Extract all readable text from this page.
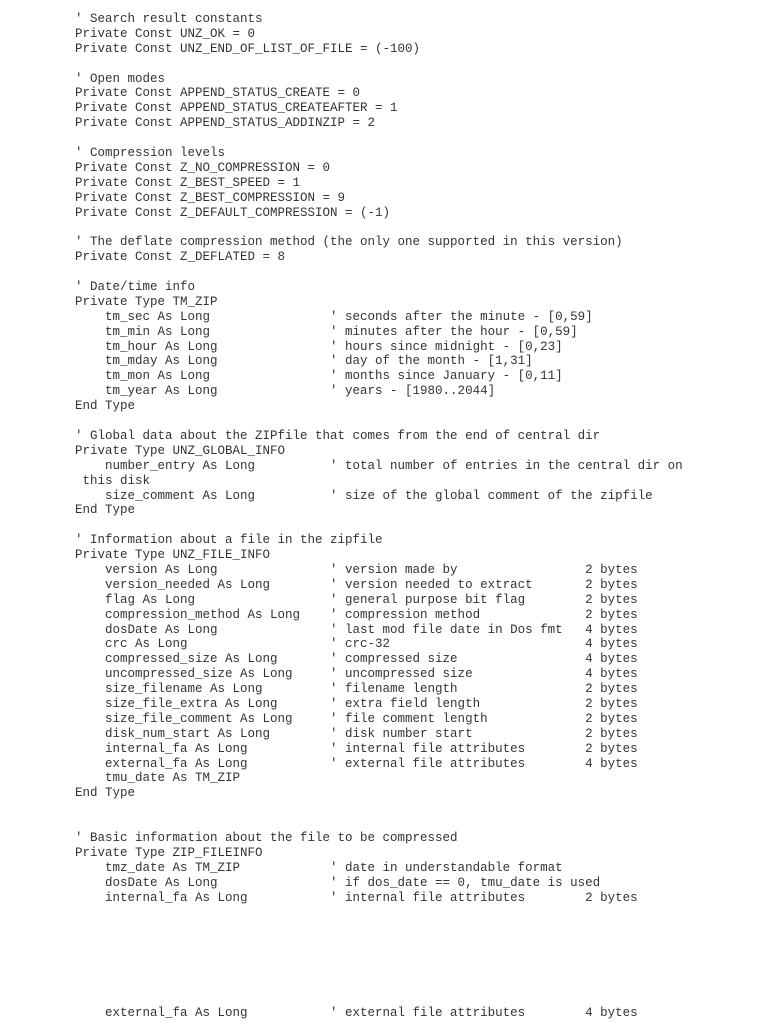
' Search result constants
Private Const UNZ_OK = 0
Private Const UNZ_END_OF_LIST_OF_FILE = (-100)
' Open modes
Private Const APPEND_STATUS_CREATE = 0
Private Const APPEND_STATUS_CREATEAFTER = 1
Private Const APPEND_STATUS_ADDINZIP = 2
' Compression levels
Private Const Z_NO_COMPRESSION = 0
Private Const Z_BEST_SPEED = 1
Private Const Z_BEST_COMPRESSION = 9
Private Const Z_DEFAULT_COMPRESSION = (-1)
' The deflate compression method (the only one supported in this version)
Private Const Z_DEFLATED = 8
' Date/time info
Private Type TM_ZIP
tm_sec As Long                ' seconds after the minute - [0,59]
tm_min As Long                ' minutes after the hour - [0,59]
tm_hour As Long               ' hours since midnight - [0,23]
tm_mday As Long               ' day of the month - [1,31]
tm_mon As Long                ' months since January - [0,11]
tm_year As Long               ' years - [1980..2044]
End Type
' Global data about the ZIPfile that comes from the end of central dir
Private Type UNZ_GLOBAL_INFO
number_entry As Long          ' total number of entries in the central dir on
this disk
size_comment As Long          ' size of the global comment of the zipfile
End Type
' Information about a file in the zipfile
Private Type UNZ_FILE_INFO
version As Long               ' version made by                 2 bytes
version_needed As Long        ' version needed to extract       2 bytes
flag As Long                  ' general purpose bit flag        2 bytes
compression_method As Long    ' compression method              2 bytes
dosDate As Long               ' last mod file date in Dos fmt   4 bytes
crc As Long                   ' crc-32                          4 bytes
compressed_size As Long       ' compressed size                 4 bytes
uncompressed_size As Long     ' uncompressed size               4 bytes
size_filename As Long         ' filename length                 2 bytes
size_file_extra As Long       ' extra field length              2 bytes
size_file_comment As Long     ' file comment length             2 bytes
disk_num_start As Long        ' disk number start               2 bytes
internal_fa As Long           ' internal file attributes        2 bytes
external_fa As Long           ' external file attributes        4 bytes
tmu_date As TM_ZIP
End Type
' Basic information about the file to be compressed
Private Type ZIP_FILEINFO
tmz_date As TM_ZIP            ' date in understandable format
dosDate As Long               ' if dos_date == 0, tmu_date is used
internal_fa As Long           ' internal file attributes        2 bytes
external_fa As Long           ' external file attributes        4 bytes
